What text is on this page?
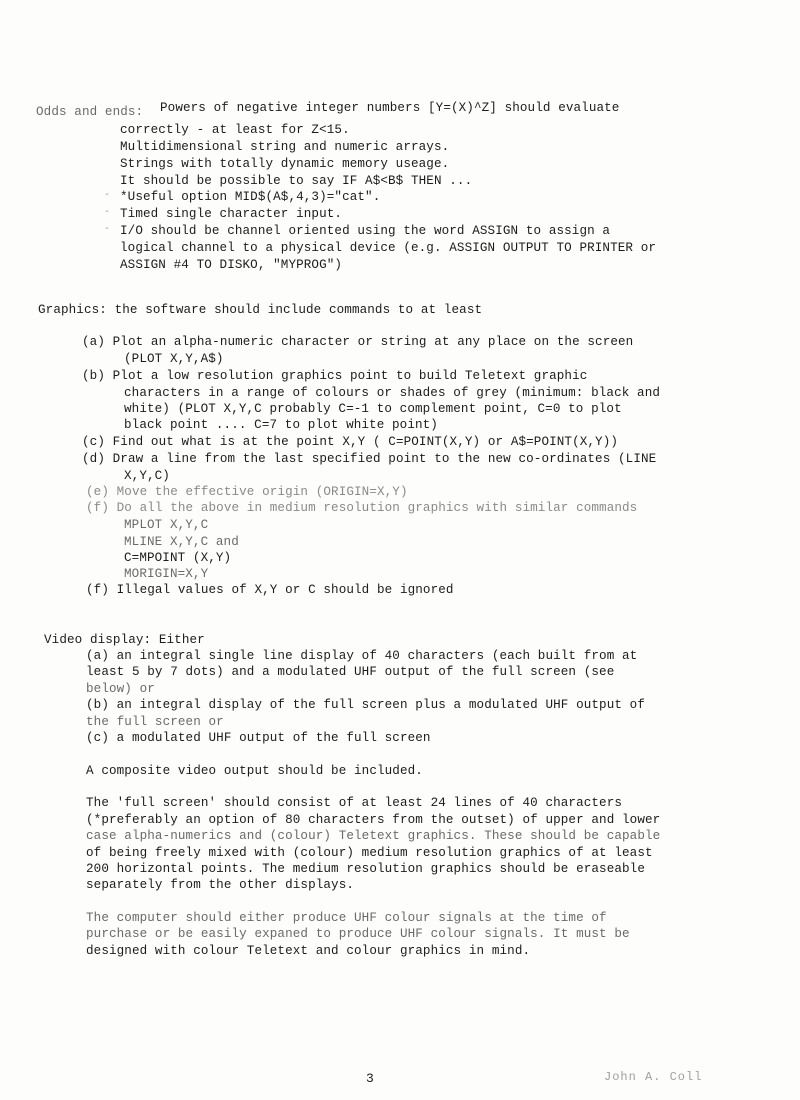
Odds and ends: Powers of negative integer numbers [Y=(X)^Z] should evaluate
correctly - at least for Z<15.
Multidimensional string and numeric arrays.
Strings with totally dynamic memory useage.
It should be possible to say IF A$<B$ THEN ...
*Useful option MID$(A$,4,3)="cat".
Timed single character input.
I/O should be channel oriented using the word ASSIGN to assign a
logical channel to a physical device (e.g. ASSIGN OUTPUT TO PRINTER or
ASSIGN #4 TO DISKO, "MYPROG")
Graphics: the software should include commands to at least
(a) Plot an alpha-numeric character or string at any place on the screen
(PLOT X,Y,A$)
(b) Plot a low resolution graphics point to build Teletext graphic
characters in a range of colours or shades of grey (minimum: black and
white) (PLOT X,Y,C probably C=-1 to complement point, C=0 to plot
black point .... C=7 to plot white point)
(c) Find out what is at the point X,Y ( C=POINT(X,Y) or A$=POINT(X,Y))
(d) Draw a line from the last specified point to the new co-ordinates (LINE
X,Y,C)
(e) Move the effective origin (ORIGIN=X,Y)
(f) Do all the above in medium resolution graphics with similar commands
MPLOT X,Y,C
MLINE X,Y,C and
C=MPOINT (X,Y)
MORIGIN=X,Y
(f) Illegal values of X,Y or C should be ignored
Video display: Either
(a) an integral single line display of 40 characters (each built from at
least 5 by 7 dots) and a modulated UHF output of the full screen (see
below) or
(b) an integral display of the full screen plus a modulated UHF output of
the full screen or
(c) a modulated UHF output of the full screen
A composite video output should be included.
The 'full screen' should consist of at least 24 lines of 40 characters
(*preferably an option of 80 characters from the outset) of upper and lower
case alpha-numerics and (colour) Teletext graphics. These should be capable
of being freely mixed with (colour) medium resolution graphics of at least
200 horizontal points. The medium resolution graphics should be eraseable
separately from the other displays.
The computer should either produce UHF colour signals at the time of
purchase or be easily expaned to produce UHF colour signals. It must be
designed with colour Teletext and colour graphics in mind.
-
-
-
3	John A. Coll
